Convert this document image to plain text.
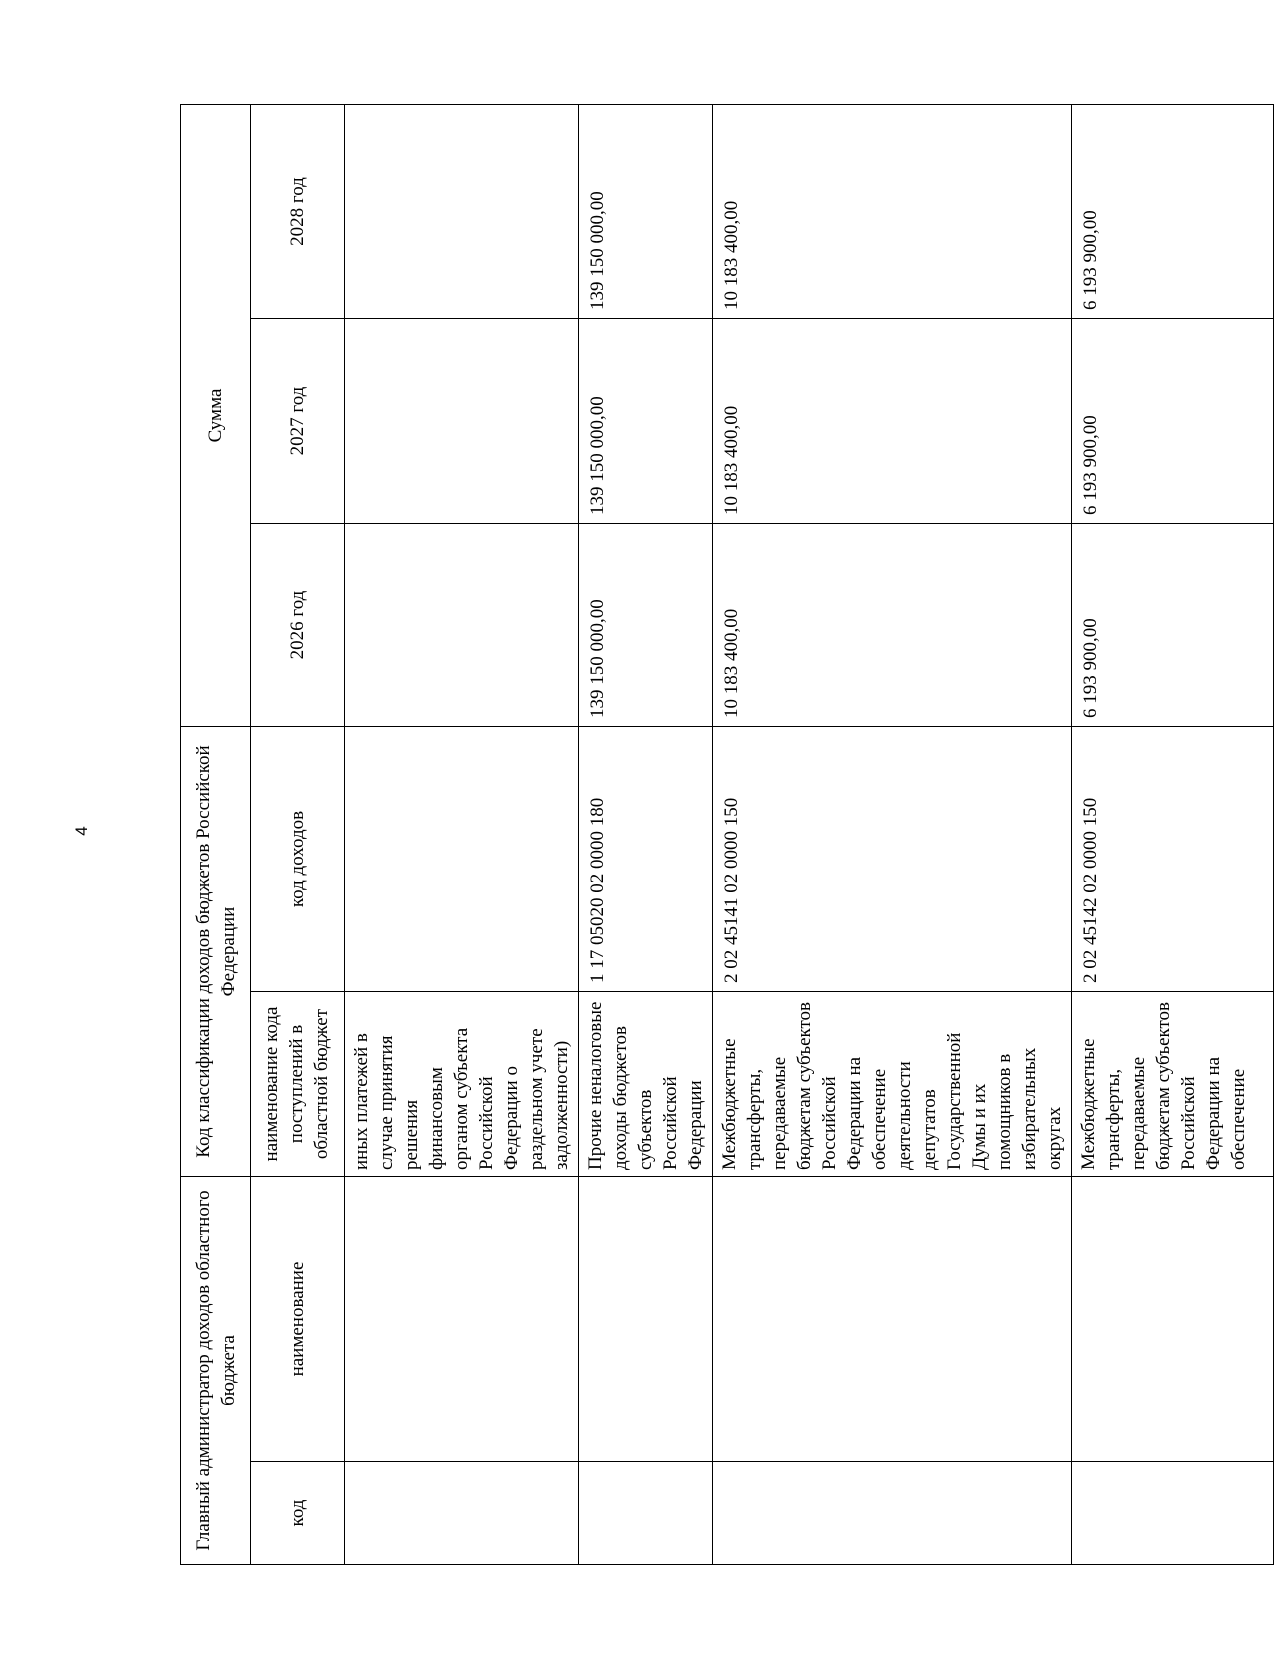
4
Главный администратор доходов областного бюджета		Код классификации доходов бюджетов Российской Федерации		Сумма		
код	наименование	наименование кода поступлений в областной бюджет	код доходов	2026 год	2027 год	2028 год
		иных платежей в случае принятия решения финансовым органом субъекта Российской Федерации о раздельном учете задолженности)				
		Прочие неналоговые доходы бюджетов субъектов Российской Федерации	1 17 05020 02 0000 180	139 150 000,00	139 150 000,00	139 150 000,00
		Межбюджетные трансферты, передаваемые бюджетам субъектов Российской Федерации на обеспечение деятельности депутатов Государственной Думы и их помощников в избирательных округах	2 02 45141 02 0000 150	10 183 400,00	10 183 400,00	10 183 400,00
		Межбюджетные трансферты, передаваемые бюджетам субъектов Российской Федерации на обеспечение	2 02 45142 02 0000 150	6 193 900,00	6 193 900,00	6 193 900,00
